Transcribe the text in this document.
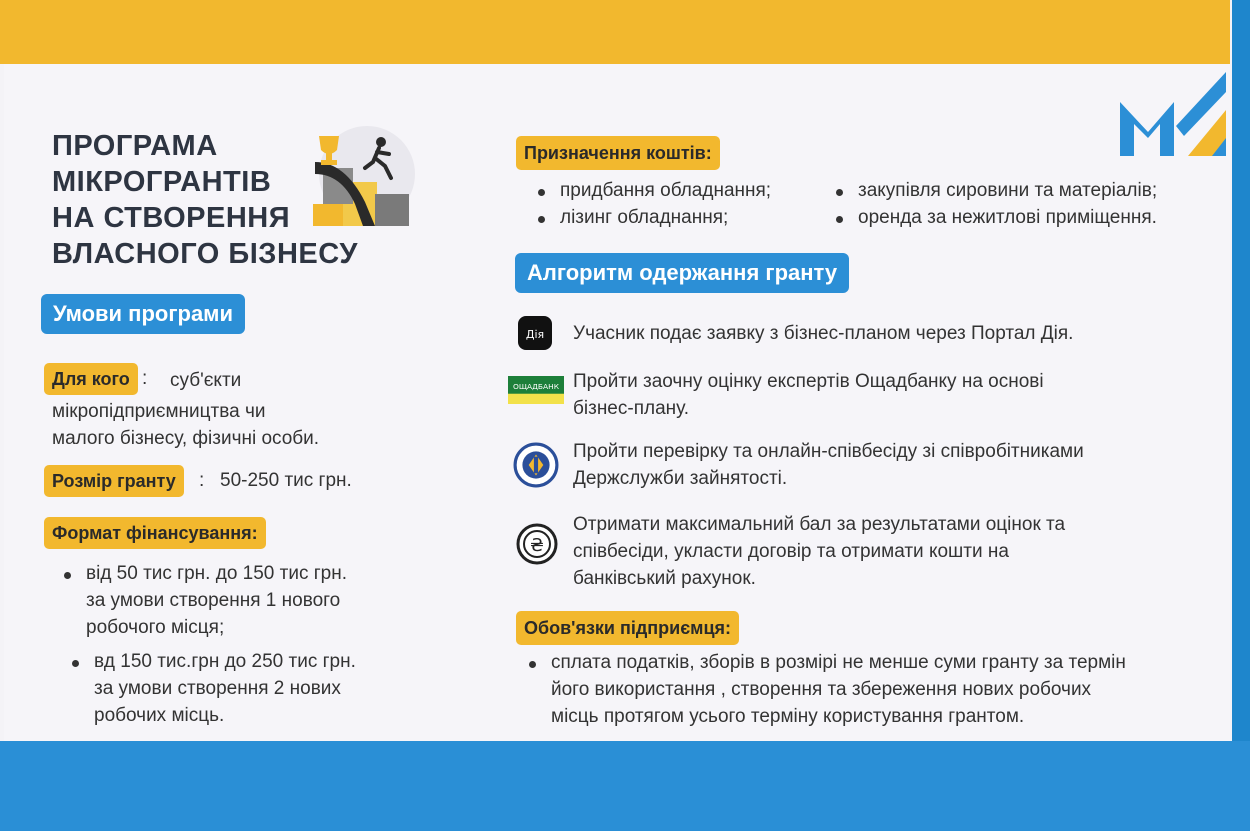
ПРОГРАМА
МІКРОГРАНТІВ
НА СТВОРЕННЯ
ВЛАСНОГО БІЗНЕСУ
Умови програми
Для кого : суб'єкти
мікропідприємництва чи
малого бізнесу, фізичні особи.
Розмір гранту	: 50-250 тис грн.
Формат фінансування:
від 50 тис грн. до 150 тис грн.
за умови створення 1 нового
робочого місця;
вд 150 тис.грн до 250 тис грн.
за умови створення 2 нових
робочих місць.
Призначення коштів:
придбання обладнання;
лізинг обладнання;
закупівля сировини та матеріалів;
оренда за нежитлові приміщення.
Алгоритм одержання гранту
Дія Учасник подає заявку з бізнес-планом через Портал Дія.
ОЩАДБАНК Пройти заочну оцінку експертів Ощадбанку на основі
бізнес-плану.
Пройти перевірку та онлайн-співбесіду зі співробітниками
Держслужби зайнятості.
₴
Отримати максимальний бал за результатами оцінок та
співбесіди, укласти договір та отримати кошти на
банківський рахунок.
Обов'язки підприємця:
сплата податків, зборів в розмірі не менше суми гранту за термін
його використання , створення та збереження нових робочих
місць протягом усього терміну користування грантом.
